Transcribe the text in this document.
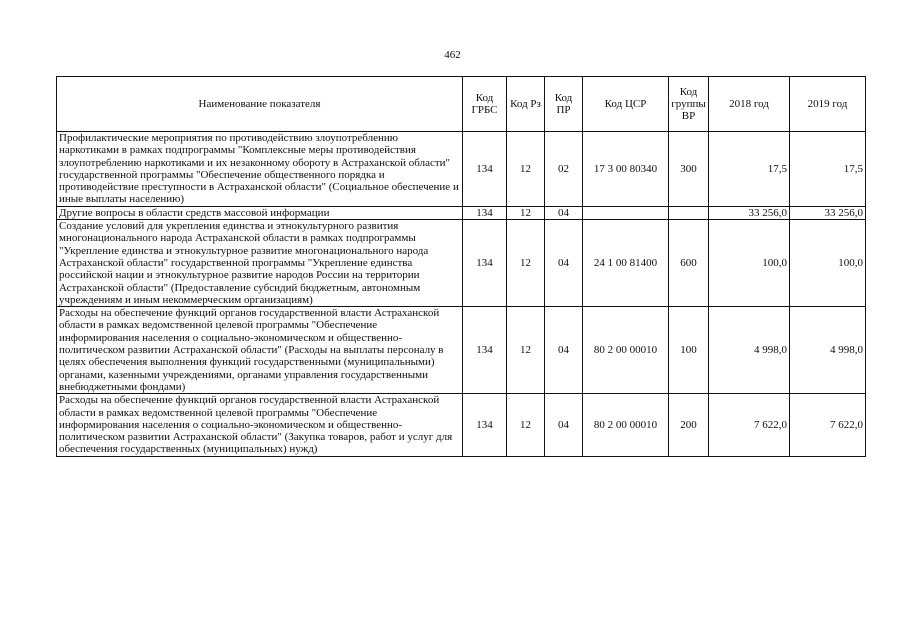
462
Наименование показателя	Код ГРБС	Код Рз	Код ПР	Код ЦСР	Код группы ВР	2018 год	2019 год
Профилактические мероприятия по противодействию злоупотреблению наркотиками в рамках подпрограммы "Комплексные меры противодействия злоупотреблению наркотиками и их незаконному обороту в Астраханской области" государственной программы "Обеспечение общественного порядка и противодействие преступности в Астраханской области" (Социальное обеспечение и иные выплаты населению)	134	12	02	17 3 00 80340	300	17,5	17,5
Другие вопросы в области средств массовой информации	134	12	04			33 256,0	33 256,0
Создание условий для укрепления единства и этнокультурного развития многонационального народа Астраханской области в рамках подпрограммы "Укрепление единства и этнокультурное развитие многонационального народа Астраханской области" государственной программы "Укрепление единства российской нации и этнокультурное развитие народов России на территории Астраханской области" (Предоставление субсидий бюджетным, автономным учреждениям и иным некоммерческим организациям)	134	12	04	24 1 00 81400	600	100,0	100,0
Расходы на обеспечение функций органов государственной власти Астраханской области в рамках ведомственной целевой программы "Обеспечение информирования населения о социально-экономическом и общественно-политическом развитии Астраханской области" (Расходы на выплаты персоналу в целях обеспечения выполнения функций государственными (муниципальными) органами, казенными учреждениями, органами управления государственными внебюджетными фондами)	134	12	04	80 2 00 00010	100	4 998,0	4 998,0
Расходы на обеспечение функций органов государственной власти Астраханской области в рамках ведомственной целевой программы "Обеспечение информирования населения о социально-экономическом и общественно-политическом развитии Астраханской области" (Закупка товаров, работ и услуг для обеспечения государственных (муниципальных) нужд)	134	12	04	80 2 00 00010	200	7 622,0	7 622,0
